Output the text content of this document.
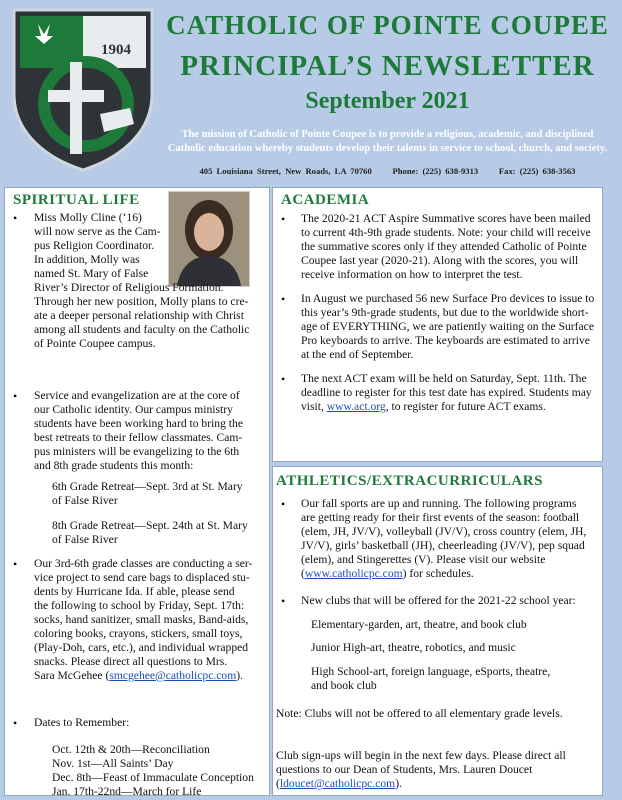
1904
CATHOLIC OF POINTE COUPEE
PRINCIPAL’S NEWSLETTER
September 2021
The mission of Catholic of Pointe Coupee is to provide a religious, academic, and disciplined
Catholic education whereby students develop their talents in service to school, church, and society.
405 Louisiana Street, New Roads, LA 70760 Phone: (225) 638-9313 Fax: (225) 638-3563
SPIRITUAL LIFE
• Miss Molly Cline (‘16)
will now serve as the Cam-
pus Religion Coordinator.
In addition, Molly was
named St. Mary of False
River’s Director of Religious Formation.
Through her new position, Molly plans to cre-
ate a deeper personal relationship with Christ
among all students and faculty on the Catholic
of Pointe Coupee campus.
• Service and evangelization are at the core of
our Catholic identity. Our campus ministry
students have been working hard to bring the
best retreats to their fellow classmates. Cam-
pus ministers will be evangelizing to the 6th
and 8th grade students this month:
6th Grade Retreat—Sept. 3rd at St. Mary
of False River
8th Grade Retreat—Sept. 24th at St. Mary
of False River
• Our 3rd-6th grade classes are conducting a ser-
vice project to send care bags to displaced stu-
dents by Hurricane Ida. If able, please send
the following to school by Friday, Sept. 17th:
socks, hand sanitizer, small masks, Band-aids,
coloring books, crayons, stickers, small toys,
(Play-Doh, cars, etc.), and individual wrapped
snacks. Please direct all questions to Mrs.
Sara McGehee (smcgehee@catholicpc.com).
• Dates to Remember:
Oct. 12th & 20th—Reconciliation
Nov. 1st—All Saints’ Day
Dec. 8th—Feast of Immaculate Conception
Jan. 17th-22nd—March for Life
ACADEMIA
• The 2020-21 ACT Aspire Summative scores have been mailed
to current 4th-9th grade students. Note: your child will receive
the summative scores only if they attended Catholic of Pointe
Coupee last year (2020-21). Along with the scores, you will
receive information on how to interpret the test.
• In August we purchased 56 new Surface Pro devices to issue to
this year’s 9th-grade students, but due to the worldwide short-
age of EVERYTHING, we are patiently waiting on the Surface
Pro keyboards to arrive. The keyboards are estimated to arrive
at the end of September.
• The next ACT exam will be held on Saturday, Sept. 11th. The
deadline to register for this test date has expired. Students may
visit, www.act.org, to register for future ACT exams.
ATHLETICS/EXTRACURRICULARS
• Our fall sports are up and running. The following programs
are getting ready for their first events of the season: football
(elem, JH, JV/V), volleyball (JV/V), cross country (elem, JH,
JV/V), girls’ basketball (JH), cheerleading (JV/V), pep squad
(elem), and Stingerettes (V). Please visit our website
(www.catholicpc.com) for schedules.
• New clubs that will be offered for the 2021-22 school year:
Elementary-garden, art, theatre, and book club
Junior High-art, theatre, robotics, and music
High School-art, foreign language, eSports, theatre,
and book club
Note: Clubs will not be offered to all elementary grade levels.
Club sign-ups will begin in the next few days. Please direct all
questions to our Dean of Students, Mrs. Lauren Doucet
(ldoucet@catholicpc.com).
